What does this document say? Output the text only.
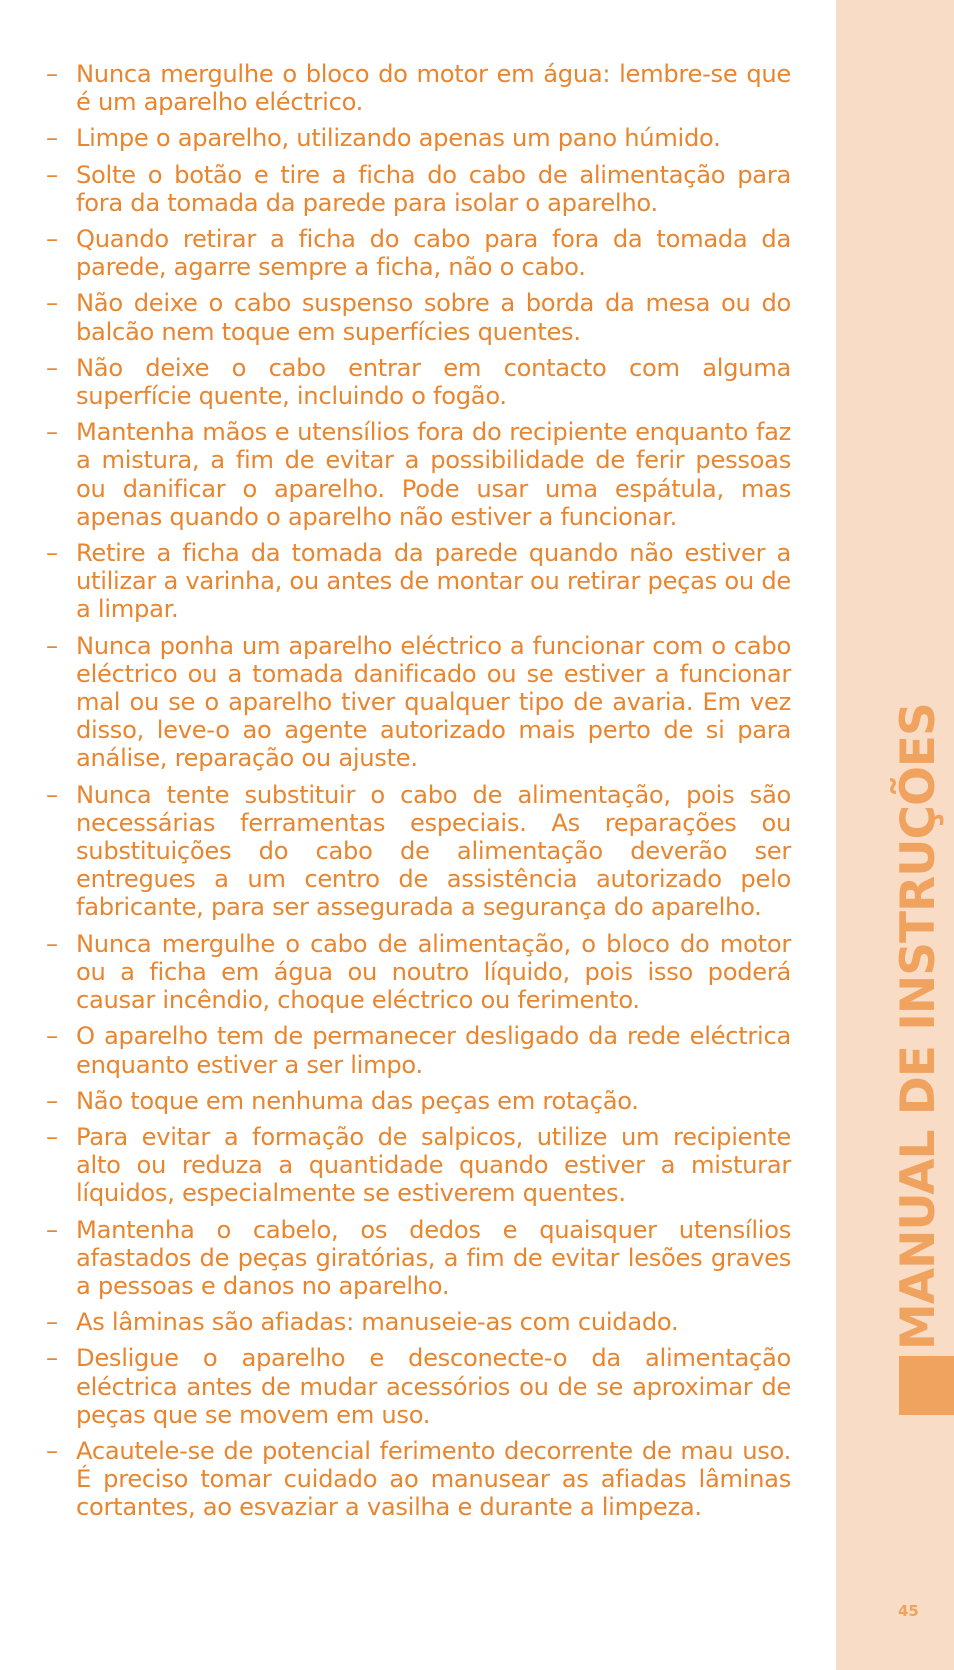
– Nunca mergulhe o bloco do motor em água: lembre-se que é um aparelho eléctrico.
– Limpe o aparelho, utilizando apenas um pano húmido.
– Solte o botão e tire a ficha do cabo de alimentação para fora da tomada da parede para isolar o aparelho.
– Quando retirar a ficha do cabo para fora da tomada da parede, agarre sempre a ficha, não o cabo.
– Não deixe o cabo suspenso sobre a borda da mesa ou do balcão nem toque em superfícies quentes.
– Não deixe o cabo entrar em contacto com alguma superfície quente, incluindo o fogão.
– Mantenha mãos e utensílios fora do recipiente enquanto faz a mistura, a fim de evitar a possibilidade de ferir pessoas ou danificar o aparelho. Pode usar uma espátula, mas apenas quando o aparelho não estiver a funcionar.
– Retire a ficha da tomada da parede quando não estiver a utilizar a varinha, ou antes de montar ou retirar peças ou de a limpar.
– Nunca ponha um aparelho eléctrico a funcionar com o cabo eléctrico ou a tomada danificado ou se estiver a funcionar mal ou se o aparelho tiver qualquer tipo de avaria. Em vez disso, leve-o ao agente autorizado mais perto de si para análise, reparação ou ajuste.
– Nunca tente substituir o cabo de alimentação, pois são necessárias ferramentas especiais. As reparações ou substituições do cabo de alimentação deverão ser entregues a um centro de assistência autorizado pelo fabricante, para ser assegurada a segurança do aparelho.
– Nunca mergulhe o cabo de alimentação, o bloco do motor ou a ficha em água ou noutro líquido, pois isso poderá causar incêndio, choque eléctrico ou ferimento.
– O aparelho tem de permanecer desligado da rede eléctrica enquanto estiver a ser limpo.
– Não toque em nenhuma das peças em rotação.
– Para evitar a formação de salpicos, utilize um recipiente alto ou reduza a quantidade quando estiver a misturar líquidos, especialmente se estiverem quentes.
– Mantenha o cabelo, os dedos e quaisquer utensílios afastados de peças giratórias, a fim de evitar lesões graves a pessoas e danos no aparelho.
– As lâminas são afiadas: manuseie-as com cuidado.
– Desligue o aparelho e desconecte-o da alimentação eléctrica antes de mudar acessórios ou de se aproximar de peças que se movem em uso.
– Acautele-se de potencial ferimento decorrente de mau uso. É preciso tomar cuidado ao manusear as afiadas lâminas cortantes, ao esvaziar a vasilha e durante a limpeza.
MANUAL DE INSTRUÇÕES
45
